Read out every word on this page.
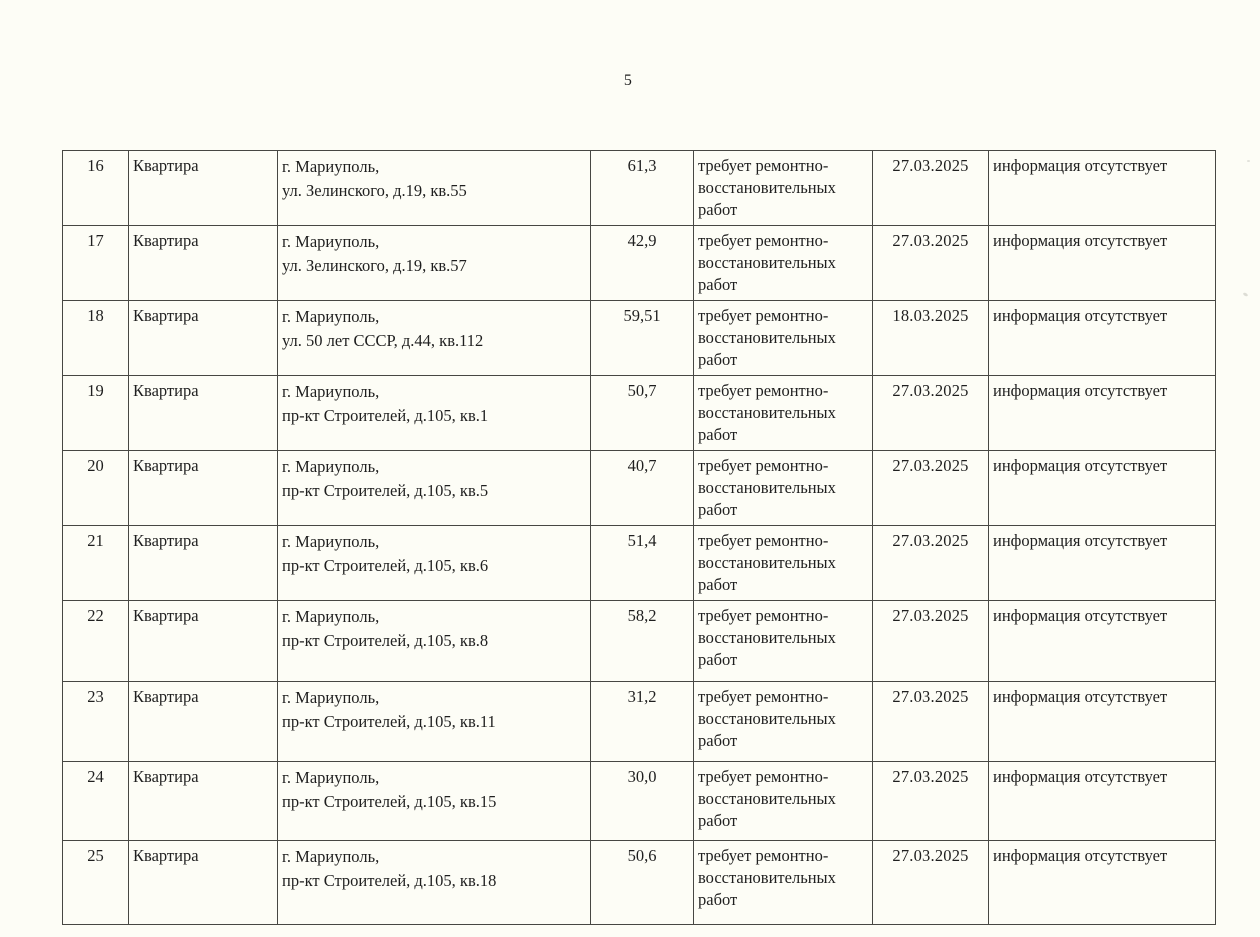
5
16	Квартира	г. Мариуполь,
ул. Зелинского, д.19, кв.55	61,3	требует ремонтно-восстановительных работ	27.03.2025	информация отсутствует
17	Квартира	г. Мариуполь,
ул. Зелинского, д.19, кв.57	42,9	требует ремонтно-восстановительных работ	27.03.2025	информация отсутствует
18	Квартира	г. Мариуполь,
ул. 50 лет СССР, д.44, кв.112	59,51	требует ремонтно-восстановительных работ	18.03.2025	информация отсутствует
19	Квартира	г. Мариуполь,
пр-кт Строителей, д.105, кв.1	50,7	требует ремонтно-восстановительных работ	27.03.2025	информация отсутствует
20	Квартира	г. Мариуполь,
пр-кт Строителей, д.105, кв.5	40,7	требует ремонтно-восстановительных работ	27.03.2025	информация отсутствует
21	Квартира	г. Мариуполь,
пр-кт Строителей, д.105, кв.6	51,4	требует ремонтно-восстановительных работ	27.03.2025	информация отсутствует
22	Квартира	г. Мариуполь,
пр-кт Строителей, д.105, кв.8	58,2	требует ремонтно-восстановительных работ	27.03.2025	информация отсутствует
23	Квартира	г. Мариуполь,
пр-кт Строителей, д.105, кв.11	31,2	требует ремонтно-восстановительных работ	27.03.2025	информация отсутствует
24	Квартира	г. Мариуполь,
пр-кт Строителей, д.105, кв.15	30,0	требует ремонтно-восстановительных работ	27.03.2025	информация отсутствует
25	Квартира	г. Мариуполь,
пр-кт Строителей, д.105, кв.18	50,6	требует ремонтно-восстановительных работ	27.03.2025	информация отсутствует
